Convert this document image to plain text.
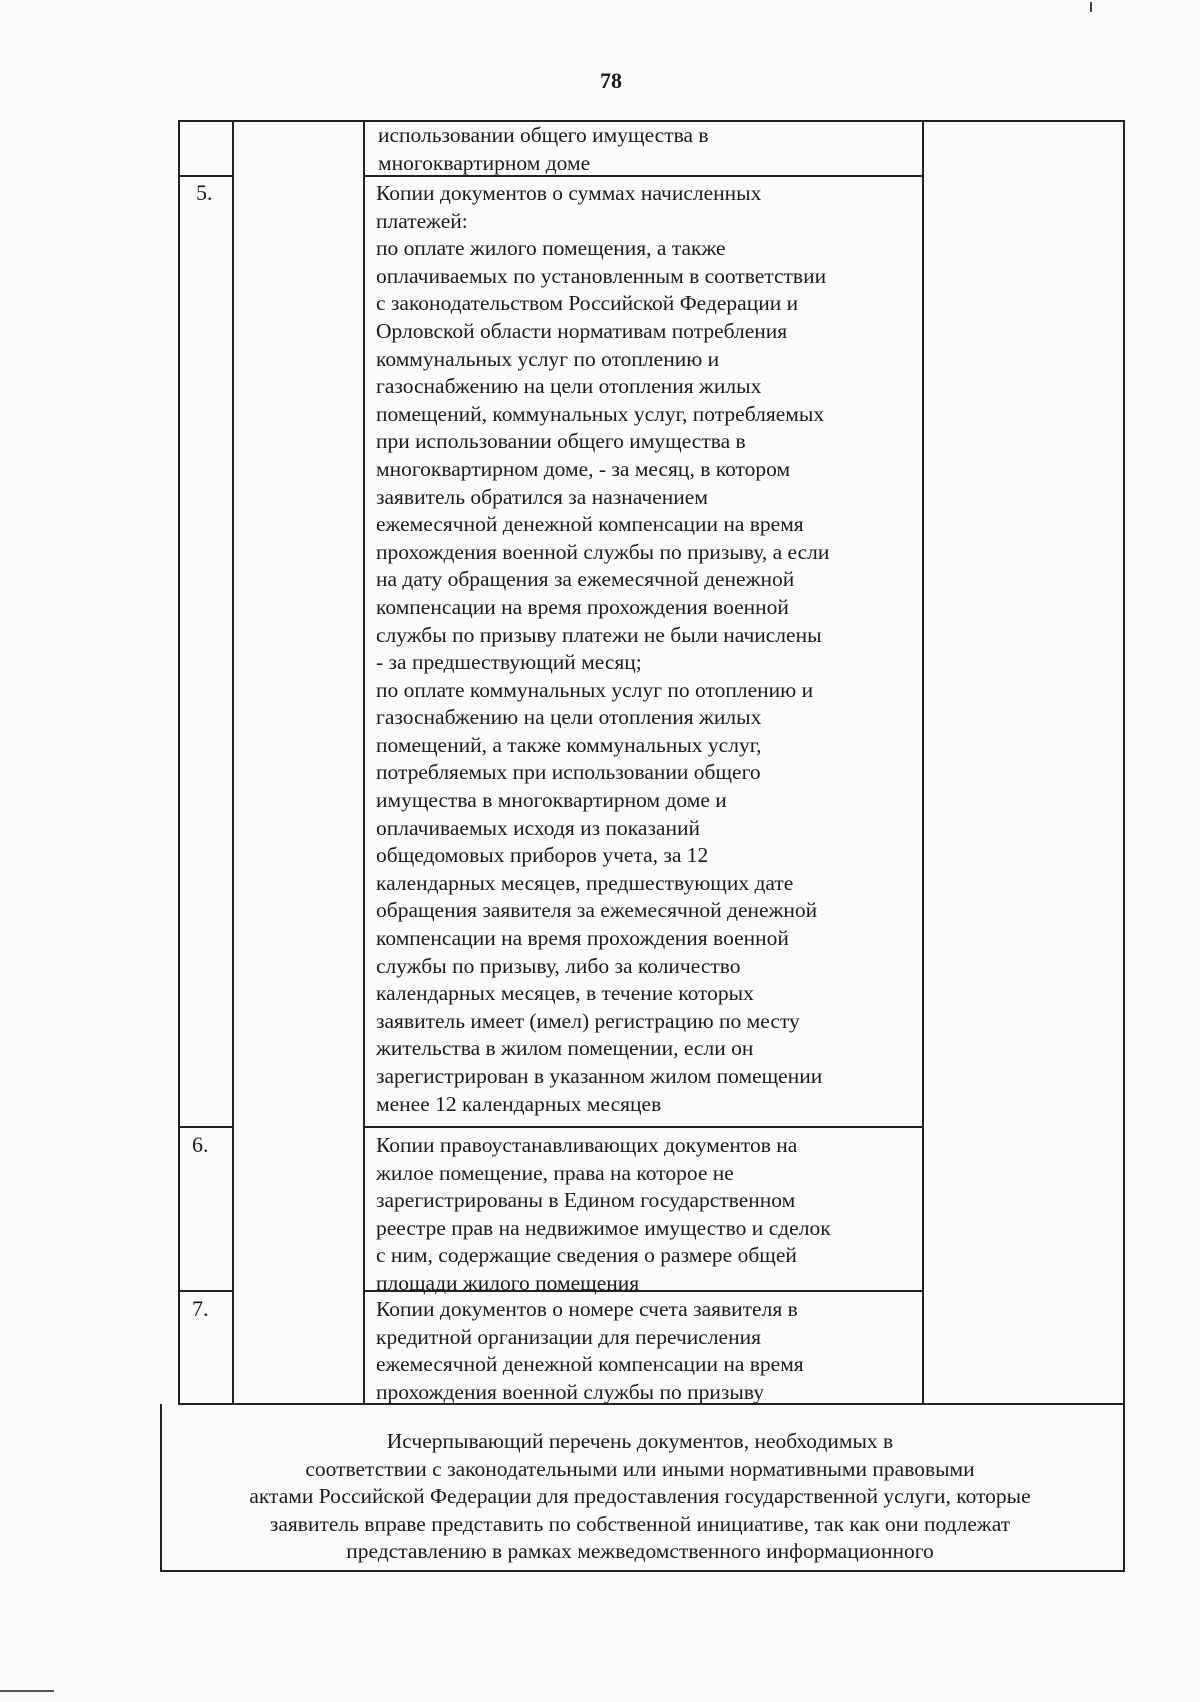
78

использовании общего имущества в

многоквартирном доме

5.	Копии документов о суммах начисленных

платежей:

по оплате жилого помещения, а также

оплачиваемых по установленным в соответствии

с законодательством Российской Федерации и

Орловской области нормативам потребления

коммунальных услуг по отоплению и

газоснабжению на цели отопления жилых

помещений, коммунальных услуг, потребляемых

при использовании общего имущества в

многоквартирном доме, - за месяц, в котором

заявитель обратился за назначением

ежемесячной денежной компенсации на время

прохождения военной службы по призыву, а если

на дату обращения за ежемесячной денежной

компенсации на время прохождения военной

службы по призыву платежи не были начислены

- за предшествующий месяц;

по оплате коммунальных услуг по отоплению и

газоснабжению на цели отопления жилых

помещений, а также коммунальных услуг,

потребляемых при использовании общего

имущества в многоквартирном доме и

оплачиваемых исходя из показаний

общедомовых приборов учета, за 12

календарных месяцев, предшествующих дате

обращения заявителя за ежемесячной денежной

компенсации на время прохождения военной

службы по призыву, либо за количество

календарных месяцев, в течение которых

заявитель имеет (имел) регистрацию по месту

жительства в жилом помещении, если он

зарегистрирован в указанном жилом помещении

менее 12 календарных месяцев

6.	Копии правоустанавливающих документов на

жилое помещение, права на которое не

зарегистрированы в Едином государственном

реестре прав на недвижимое имущество и сделок

с ним, содержащие сведения о размере общей

площади жилого помещения

7.	Копии документов о номере счета заявителя в

кредитной организации для перечисления

ежемесячной денежной компенсации на время

прохождения военной службы по призыву

Исчерпывающий перечень документов, необходимых в
соответствии с законодательными или иными нормативными правовыми
актами Российской Федерации для предоставления государственной услуги, которые
заявитель вправе представить по собственной инициативе, так как они подлежат
представлению в рамках межведомственного информационного
